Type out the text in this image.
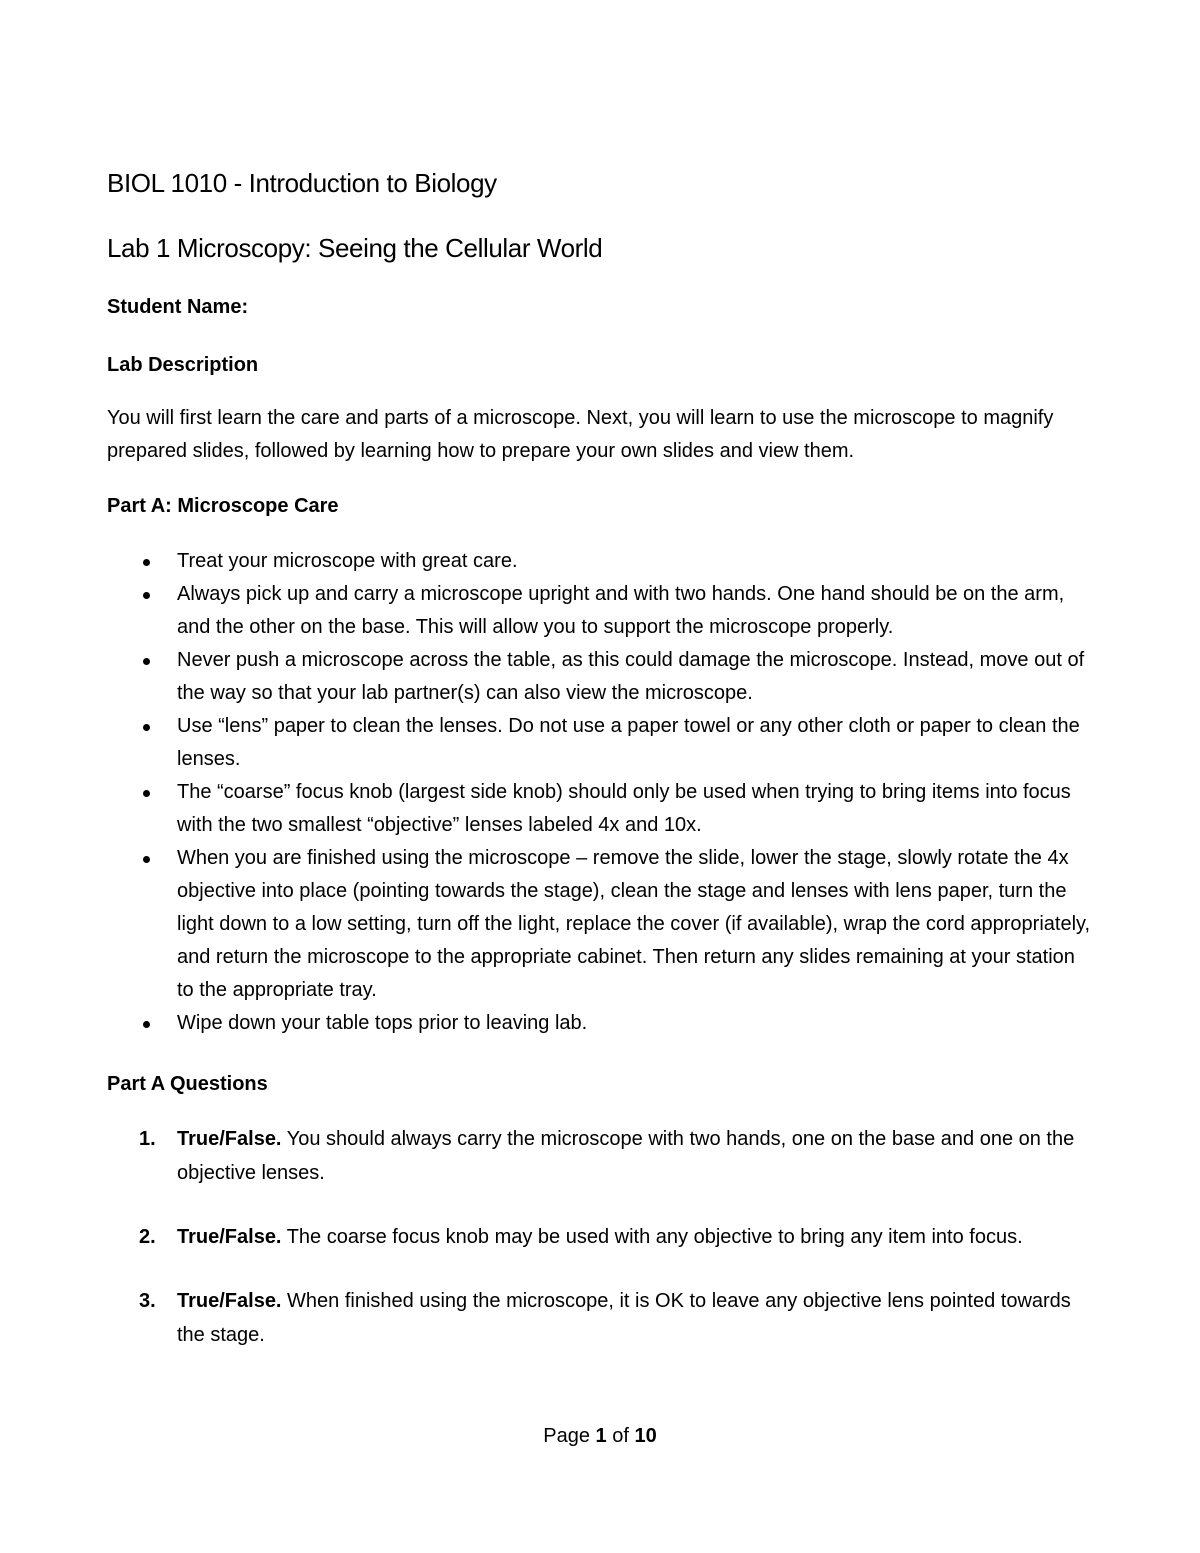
BIOL 1010 - Introduction to Biology
Lab 1 Microscopy: Seeing the Cellular World
Student Name:
Lab Description
You will first learn the care and parts of a microscope. Next, you will learn to use the microscope to magnify prepared slides, followed by learning how to prepare your own slides and view them.
Part A: Microscope Care
Treat your microscope with great care.
Always pick up and carry a microscope upright and with two hands. One hand should be on the arm, and the other on the base. This will allow you to support the microscope properly.
Never push a microscope across the table, as this could damage the microscope. Instead, move out of the way so that your lab partner(s) can also view the microscope.
Use “lens” paper to clean the lenses. Do not use a paper towel or any other cloth or paper to clean the lenses.
The “coarse” focus knob (largest side knob) should only be used when trying to bring items into focus with the two smallest “objective” lenses labeled 4x and 10x.
When you are finished using the microscope – remove the slide, lower the stage, slowly rotate the 4x objective into place (pointing towards the stage), clean the stage and lenses with lens paper, turn the light down to a low setting, turn off the light, replace the cover (if available), wrap the cord appropriately, and return the microscope to the appropriate cabinet. Then return any slides remaining at your station to the appropriate tray.
Wipe down your table tops prior to leaving lab.
Part A Questions
1. True/False. You should always carry the microscope with two hands, one on the base and one on the objective lenses.
2. True/False. The coarse focus knob may be used with any objective to bring any item into focus.
3. True/False. When finished using the microscope, it is OK to leave any objective lens pointed towards the stage.
Page 1 of 10
